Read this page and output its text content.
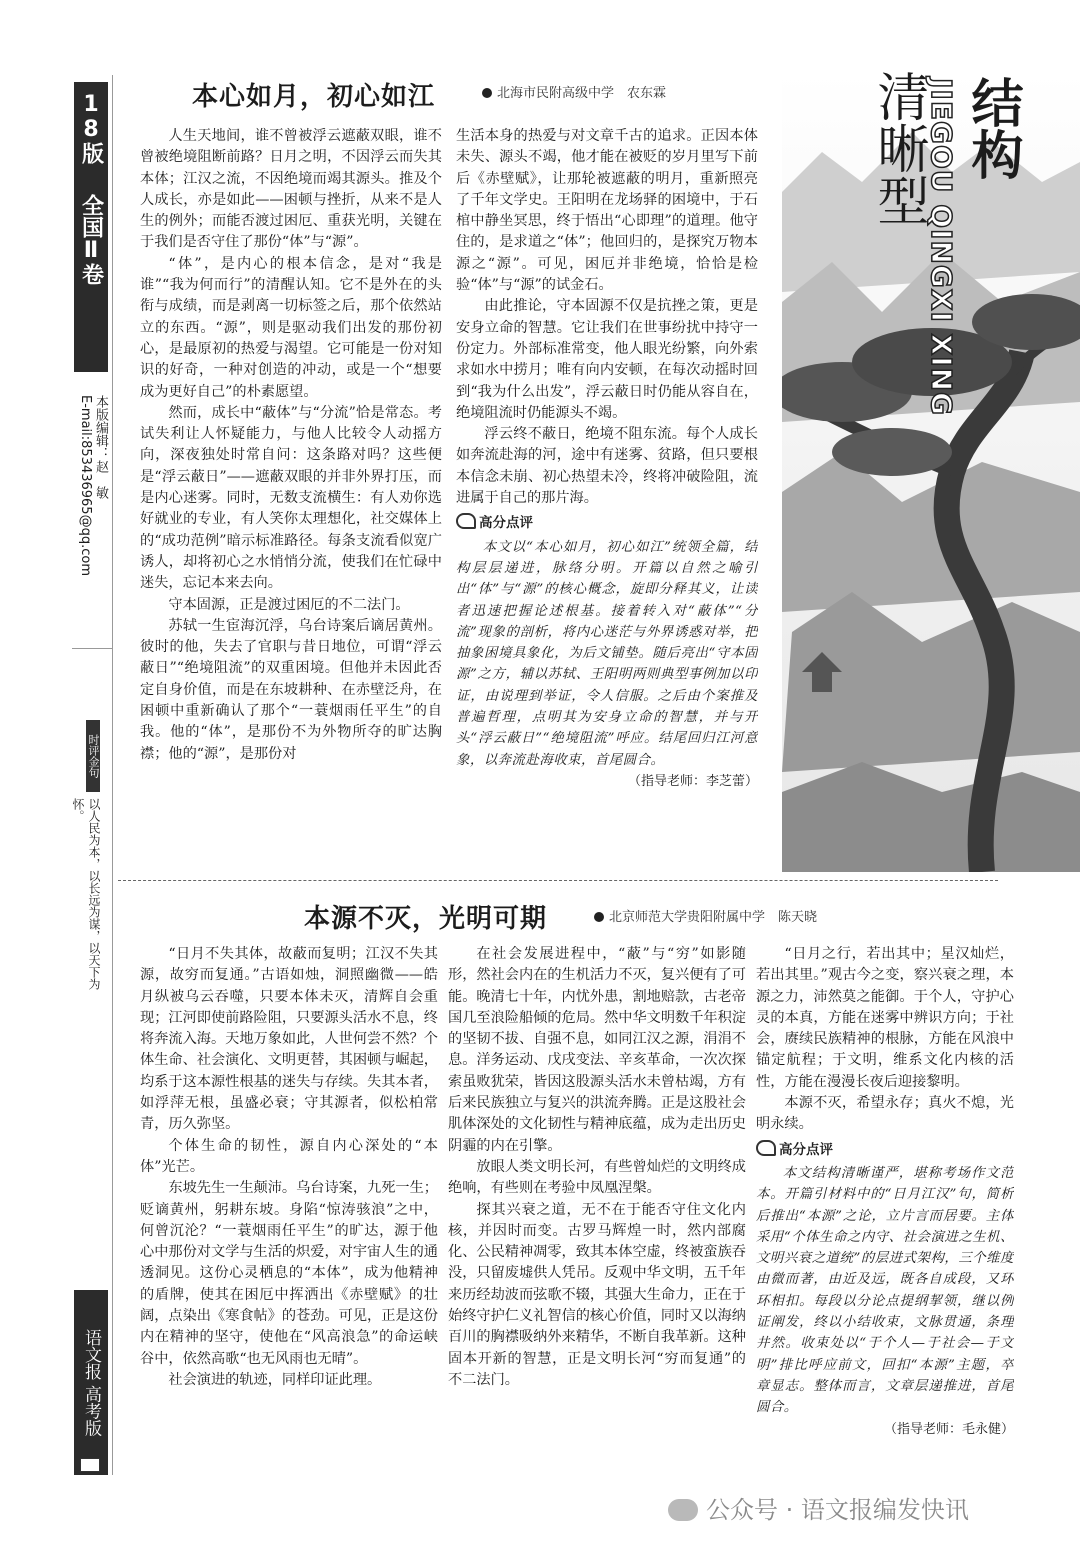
18版
全国Ⅱ卷
本版编辑：赵　敏
E-mail:853436965@qq.com
时评金句
以人民为本，以长远为谋，以天下为怀。
语文报 高考版
JIEGOU QINGXI XING
清晰型 结构
本心如月，初心如江	北海市民附高级中学　农东霖

人生天地间，谁不曾被浮云遮蔽双眼，谁不曾被绝境阻断前路？日月之明，不因浮云而失其本体；江汉之流，不因绝境而竭其源头。推及个人成长，亦是如此——困顿与挫折，从来不是人生的例外；而能否渡过困厄、重获光明，关键在于我们是否守住了那份“体”与“源”。

“体”，是内心的根本信念，是对“我是谁”“我为何而行”的清醒认知。它不是外在的头衔与成绩，而是剥离一切标签之后，那个依然站立的东西。“源”，则是驱动我们出发的那份初心，是最原初的热爱与渴望。它可能是一份对知识的好奇，一种对创造的冲动，或是一个“想要成为更好自己”的朴素愿望。

然而，成长中“蔽体”与“分流”恰是常态。考试失利让人怀疑能力，与他人比较令人动摇方向，深夜独处时常自问：这条路对吗？这些便是“浮云蔽日”——遮蔽双眼的并非外界打压，而是内心迷雾。同时，无数支流横生：有人劝你选好就业的专业，有人笑你太理想化，社交媒体上的“成功范例”暗示标准路径。每条支流看似宽广诱人，却将初心之水悄悄分流，使我们在忙碌中迷失，忘记本来去向。

守本固源，正是渡过困厄的不二法门。

苏轼一生宦海沉浮，乌台诗案后谪居黄州。彼时的他，失去了官职与昔日地位，可谓“浮云蔽日”“绝境阻流”的双重困境。但他并未因此否定自身价值，而是在东坡耕种、在赤壁泛舟，在困顿中重新确认了那个“一蓑烟雨任平生”的自我。他的“体”，是那份不为外物所夺的旷达胸襟；他的“源”，是那份对

生活本身的热爱与对文章千古的追求。正因本体未失、源头不竭，他才能在被贬的岁月里写下前后《赤壁赋》，让那轮被遮蔽的明月，重新照亮了千年文学史。王阳明在龙场驿的困境中，于石棺中静坐冥思，终于悟出“心即理”的道理。他守住的，是求道之“体”；他回归的，是探究万物本源之“源”。可见，困厄并非绝境，恰恰是检验“体”与“源”的试金石。

由此推论，守本固源不仅是抗挫之策，更是安身立命的智慧。它让我们在世事纷扰中持守一份定力。外部标准常变，他人眼光纷繁，向外索求如水中捞月；唯有向内安顿，在每次动摇时回到“我为什么出发”，浮云蔽日时仍能从容自在，绝境阻流时仍能源头不竭。

浮云终不蔽日，绝境不阻东流。每个人成长如奔流赴海的河，途中有迷雾、贫路，但只要根本信念未崩、初心热望未冷，终将冲破险阻，流进属于自己的那片海。

高分点评

本文以“本心如月，初心如江”统领全篇，结构层层递进，脉络分明。开篇以自然之喻引出“体”与“源”的核心概念，旋即分释其义，让读者迅速把握论述根基。接着转入对“蔽体”“分流”现象的剖析，将内心迷茫与外界诱惑对举，把抽象困境具象化，为后文铺垫。随后亮出“守本固源”之方，辅以苏轼、王阳明两则典型事例加以印证，由说理到举证，令人信服。之后由个案推及普遍哲理，点明其为安身立命的智慧，并与开头“浮云蔽日”“绝境阻流”呼应。结尾回归江河意象，以奔流赴海收束，首尾圆合。

（指导老师：李芝蕾）

本源不灭，光明可期	北京师范大学贵阳附属中学　陈天晓

“日月不失其体，故蔽而复明；江汉不失其源，故穷而复通。”古语如烛，洞照幽微——皓月纵被乌云吞噬，只要本体未灭，清辉自会重现；江河即使前路险阻，只要源头活水不息，终将奔流入海。天地万象如此，人世何尝不然？个体生命、社会演化、文明更替，其困顿与崛起，均系于这本源性根基的迷失与存续。失其本者，如浮萍无根，虽盛必衰；守其源者，似松柏常青，历久弥坚。

个体生命的韧性，源自内心深处的“本体”光芒。

东坡先生一生颠沛。乌台诗案，九死一生；贬谪黄州，躬耕东坡。身陷“惊涛骇浪”之中，何曾沉沦？“一蓑烟雨任平生”的旷达，源于他心中那份对文学与生活的炽爱，对宇宙人生的通透洞见。这份心灵栖息的“本体”，成为他精神的盾牌，使其在困厄中挥洒出《赤壁赋》的壮阔，点染出《寒食帖》的苍劲。可见，正是这份内在精神的坚守，使他在“风高浪急”的命运峡谷中，依然高歌“也无风雨也无晴”。

社会演进的轨迹，同样印证此理。

在社会发展进程中，“蔽”与“穷”如影随形，然社会内在的生机活力不灭，复兴便有了可能。晚清七十年，内忧外患，割地赔款，古老帝国几至浪险船倾的危局。然中华文明数千年积淀的坚韧不拔、自强不息，如同江汉之源，涓涓不息。洋务运动、戊戌变法、辛亥革命，一次次探索虽败犹荣，皆因这股源头活水未曾枯竭，方有后来民族独立与复兴的洪流奔腾。正是这股社会肌体深处的文化韧性与精神底蕴，成为走出历史阴霾的内在引擎。

放眼人类文明长河，有些曾灿烂的文明终成绝响，有些则在考验中凤凰涅槃。

探其兴衰之道，无不在于能否守住文化内核，并因时而变。古罗马辉煌一时，然内部腐化、公民精神凋零，致其本体空虚，终被蛮族吞没，只留废墟供人凭吊。反观中华文明，五千年来历经劫波而弦歌不辍，其强大生命力，正在于始终守护仁义礼智信的核心价值，同时又以海纳百川的胸襟吸纳外来精华，不断自我革新。这种固本开新的智慧，正是文明长河“穷而复通”的不二法门。

“日月之行，若出其中；星汉灿烂，若出其里。”观古今之变，察兴衰之理，本源之力，沛然莫之能御。于个人，守护心灵的本真，方能在迷雾中辨识方向；于社会，赓续民族精神的根脉，方能在风浪中锚定航程；于文明，维系文化内核的活性，方能在漫漫长夜后迎接黎明。

本源不灭，希望永存；真火不熄，光明永续。

高分点评

本文结构清晰谨严，堪称考场作文范本。开篇引材料中的“日月江汉”句，简析后推出“本源”之论，立片言而居要。主体采用“个体生命之内守、社会演进之生机、文明兴衰之道统”的层进式架构，三个维度由微而著，由近及远，既各自成段，又环环相扣。每段以分论点提纲挈领，继以例证阐发，终以小结收束，文脉贯通，条理井然。收束处以“于个人—于社会—于文明”排比呼应前文，回扣“本源”主题，卒章显志。整体而言，文章层递推进，首尾圆合。

（指导老师：毛永健）

公众号 · 语文报编发快讯
